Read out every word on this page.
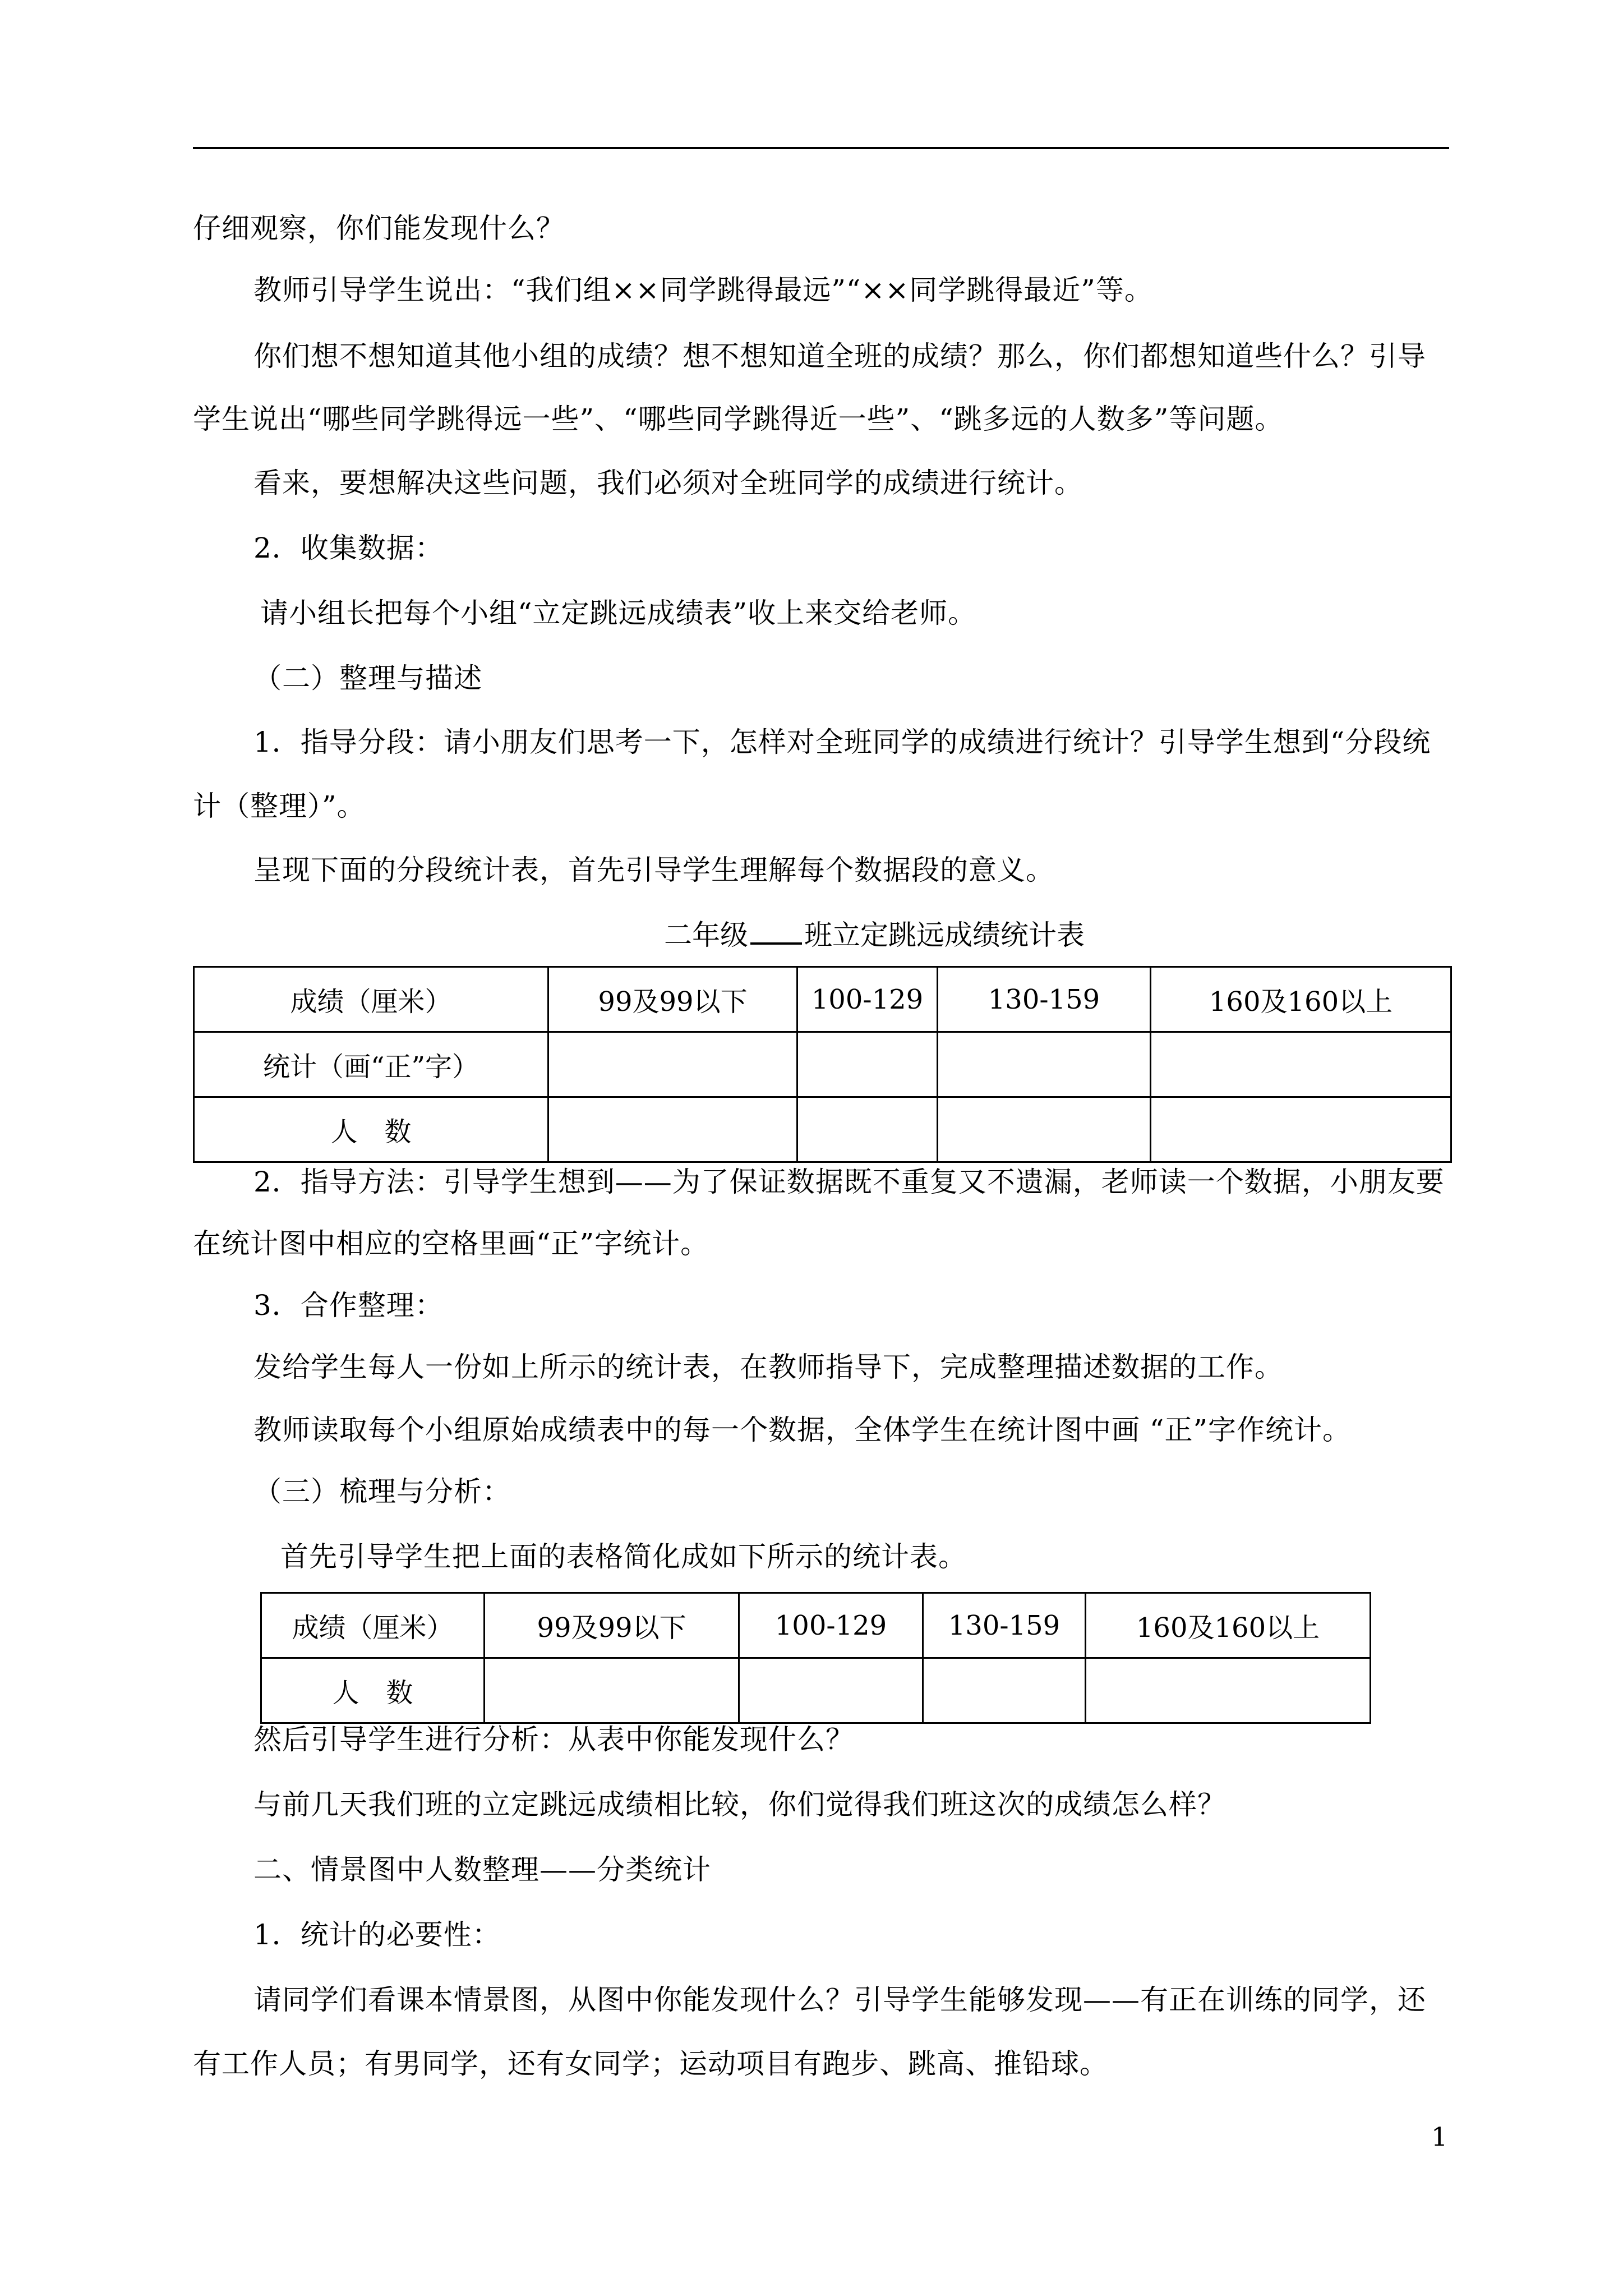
仔细观察，你们能发现什么？
教师引导学生说出：“我们组××同学跳得最远”“××同学跳得最近”等。
你们想不想知道其他小组的成绩？想不想知道全班的成绩？那么，你们都想知道些什么？引导
学生说出“哪些同学跳得远一些”、“哪些同学跳得近一些”、“跳多远的人数多”等问题。
看来，要想解决这些问题，我们必须对全班同学的成绩进行统计。
2．收集数据：
请小组长把每个小组“立定跳远成绩表”收上来交给老师。
（二）整理与描述
1．指导分段：请小朋友们思考一下，怎样对全班同学的成绩进行统计？引导学生想到“分段统
计（整理）”。
呈现下面的分段统计表，首先引导学生理解每个数据段的意义。
二年级 班立定跳远成绩统计表
成绩（厘米）	99及99以下	100-129	130-159	160及160以上
统计（画“正”字）				
人　数				
2．指导方法：引导学生想到——为了保证数据既不重复又不遗漏，老师读一个数据，小朋友要
在统计图中相应的空格里画“正”字统计。
3．合作整理：
发给学生每人一份如上所示的统计表，在教师指导下，完成整理描述数据的工作。
教师读取每个小组原始成绩表中的每一个数据，全体学生在统计图中画 “正”字作统计。
（三）梳理与分析：
首先引导学生把上面的表格简化成如下所示的统计表。
成绩（厘米）	99及99以下	100-129	130-159	160及160以上
人　数				
然后引导学生进行分析：从表中你能发现什么？
与前几天我们班的立定跳远成绩相比较，你们觉得我们班这次的成绩怎么样？
二、情景图中人数整理——分类统计
1．统计的必要性：
请同学们看课本情景图，从图中你能发现什么？引导学生能够发现——有正在训练的同学，还
有工作人员；有男同学，还有女同学；运动项目有跑步、跳高、推铅球。
1
